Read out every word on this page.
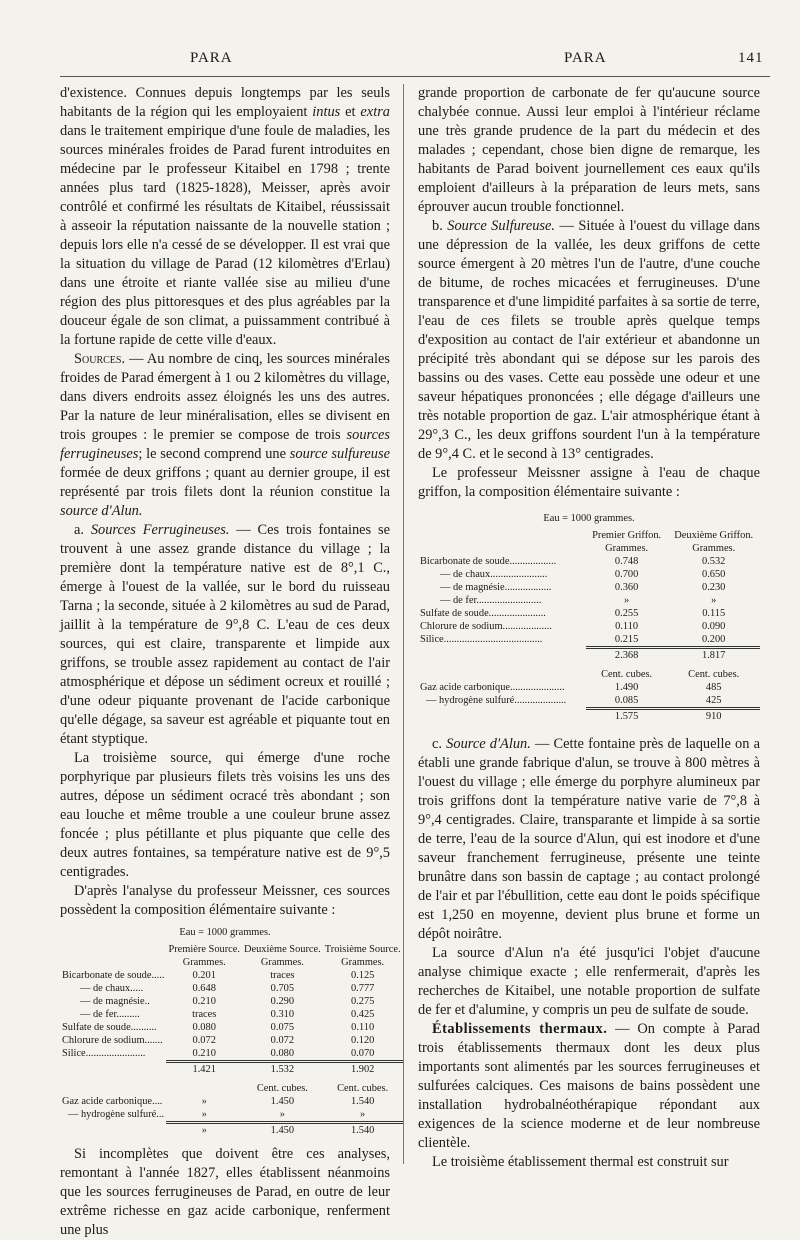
PARA	PARA	141

d'existence. Connues depuis longtemps par les seuls habitants de la région qui les employaient intus et extra dans le traitement empirique d'une foule de maladies, les sources minérales froides de Parad furent introduites en médecine par le professeur Kitaibel en 1798 ; trente années plus tard (1825-1828), Meisser, après avoir contrôlé et confirmé les résultats de Kitaibel, réussissait à asseoir la réputation naissante de la nouvelle station ; depuis lors elle n'a cessé de se développer. Il est vrai que la situation du village de Parad (12 kilomètres d'Erlau) dans une étroite et riante vallée sise au milieu d'une région des plus pittoresques et des plus agréables par la douceur égale de son climat, a puissamment contribué à la fortune rapide de cette ville d'eaux.

Sources. — Au nombre de cinq, les sources minérales froides de Parad émergent à 1 ou 2 kilomètres du village, dans divers endroits assez éloignés les uns des autres. Par la nature de leur minéralisation, elles se divisent en trois groupes : le premier se compose de trois sources ferrugineuses; le second comprend une source sulfureuse formée de deux griffons ; quant au dernier groupe, il est représenté par trois filets dont la réunion constitue la source d'Alun.

a. Sources Ferrugineuses. — Ces trois fontaines se trouvent à une assez grande distance du village ; la première dont la température native est de 8°,1 C., émerge à l'ouest de la vallée, sur le bord du ruisseau Tarna ; la seconde, située à 2 kilomètres au sud de Parad, jaillit à la température de 9°,8 C. L'eau de ces deux sources, qui est claire, transparente et limpide aux griffons, se trouble assez rapidement au contact de l'air atmosphérique et dépose un sédiment ocreux et rouillé ; d'une odeur piquante provenant de l'acide carbonique qu'elle dégage, sa saveur est agréable et piquante tout en étant styptique.

La troisième source, qui émerge d'une roche porphyrique par plusieurs filets très voisins les uns des autres, dépose un sédiment ocracé très abondant ; son eau louche et même trouble a une couleur brune assez foncée ; plus pétillante et plus piquante que celle des deux autres fontaines, sa température native est de 9°,5 centigrades.

D'après l'analyse du professeur Meissner, ces sources possèdent la composition élémentaire suivante :

Eau = 1000 grammes.
	Première Source.	Deuxième Source.	Troisième Source.
	Grammes.	Grammes.	Grammes.
Bicarbonate de soude.....	0.201	traces	0.125
— de chaux.....	0.648	0.705	0.777
— de magnésie..	0.210	0.290	0.275
— de fer.........	traces	0.310	0.425
Sulfate de soude..........	0.080	0.075	0.110
Chlorure de sodium.......	0.072	0.072	0.120
Silice.......................	0.210	0.080	0.070
	1.421	1.532	1.902

		Cent. cubes.	Cent. cubes.
Gaz acide carbonique....	»	1.450	1.540
— hydrogène sulfuré...	»	»	»
	»	1.450	1.540

Si incomplètes que doivent être ces analyses, remontant à l'année 1827, elles établissent néanmoins que les sources ferrugineuses de Parad, en outre de leur extrême richesse en gaz acide carbonique, renferment une plus

grande proportion de carbonate de fer qu'aucune source chalybée connue. Aussi leur emploi à l'intérieur réclame une très grande prudence de la part du médecin et des malades ; cependant, chose bien digne de remarque, les habitants de Parad boivent journellement ces eaux qu'ils emploient d'ailleurs à la préparation de leurs mets, sans éprouver aucun trouble fonctionnel.

b. Source Sulfureuse. — Située à l'ouest du village dans une dépression de la vallée, les deux griffons de cette source émergent à 20 mètres l'un de l'autre, d'une couche de bitume, de roches micacées et ferrugineuses. D'une transparence et d'une limpidité parfaites à sa sortie de terre, l'eau de ces filets se trouble après quelque temps d'exposition au contact de l'air extérieur et abandonne un précipité très abondant qui se dépose sur les parois des bassins ou des vases. Cette eau possède une odeur et une saveur hépatiques prononcées ; elle dégage d'ailleurs une très notable proportion de gaz. L'air atmosphérique étant à 29°,3 C., les deux griffons sourdent l'un à la température de 9°,4 C. et le second à 13° centigrades.

Le professeur Meissner assigne à l'eau de chaque griffon, la composition élémentaire suivante :

Eau = 1000 grammes.
	Premier Griffon.	Deuxième Griffon.
	Grammes.	Grammes.
Bicarbonate de soude..................	0.748	0.532
— de chaux......................	0.700	0.650
— de magnésie..................	0.360	0.230
— de fer.........................	»	»
Sulfate de soude......................	0.255	0.115
Chlorure de sodium...................	0.110	0.090
Silice......................................	0.215	0.200
	2.368	1.817

	Cent. cubes.	Cent. cubes.
Gaz acide carbonique.....................	1.490	485
— hydrogène sulfuré....................	0.085	425
	1.575	910

c. Source d'Alun. — Cette fontaine près de laquelle on a établi une grande fabrique d'alun, se trouve à 800 mètres à l'ouest du village ; elle émerge du porphyre alumineux par trois griffons dont la température native varie de 7°,8 à 9°,4 centigrades. Claire, transparante et limpide à sa sortie de terre, l'eau de la source d'Alun, qui est inodore et d'une saveur franchement ferrugineuse, présente une teinte brunâtre dans son bassin de captage ; au contact prolongé de l'air et par l'ébullition, cette eau dont le poids spécifique est 1,250 en moyenne, devient plus brune et forme un dépôt noirâtre.

La source d'Alun n'a été jusqu'ici l'objet d'aucune analyse chimique exacte ; elle renfermerait, d'après les recherches de Kitaibel, une notable proportion de sulfate de fer et d'alumine, y compris un peu de sulfate de soude.

Établissements thermaux. — On compte à Parad trois établissements thermaux dont les deux plus importants sont alimentés par les sources ferrugineuses et sulfurées calciques. Ces maisons de bains possèdent une installation hydrobalnéothérapique répondant aux exigences de la science moderne et de leur nombreuse clientèle.

Le troisième établissement thermal est construit sur
